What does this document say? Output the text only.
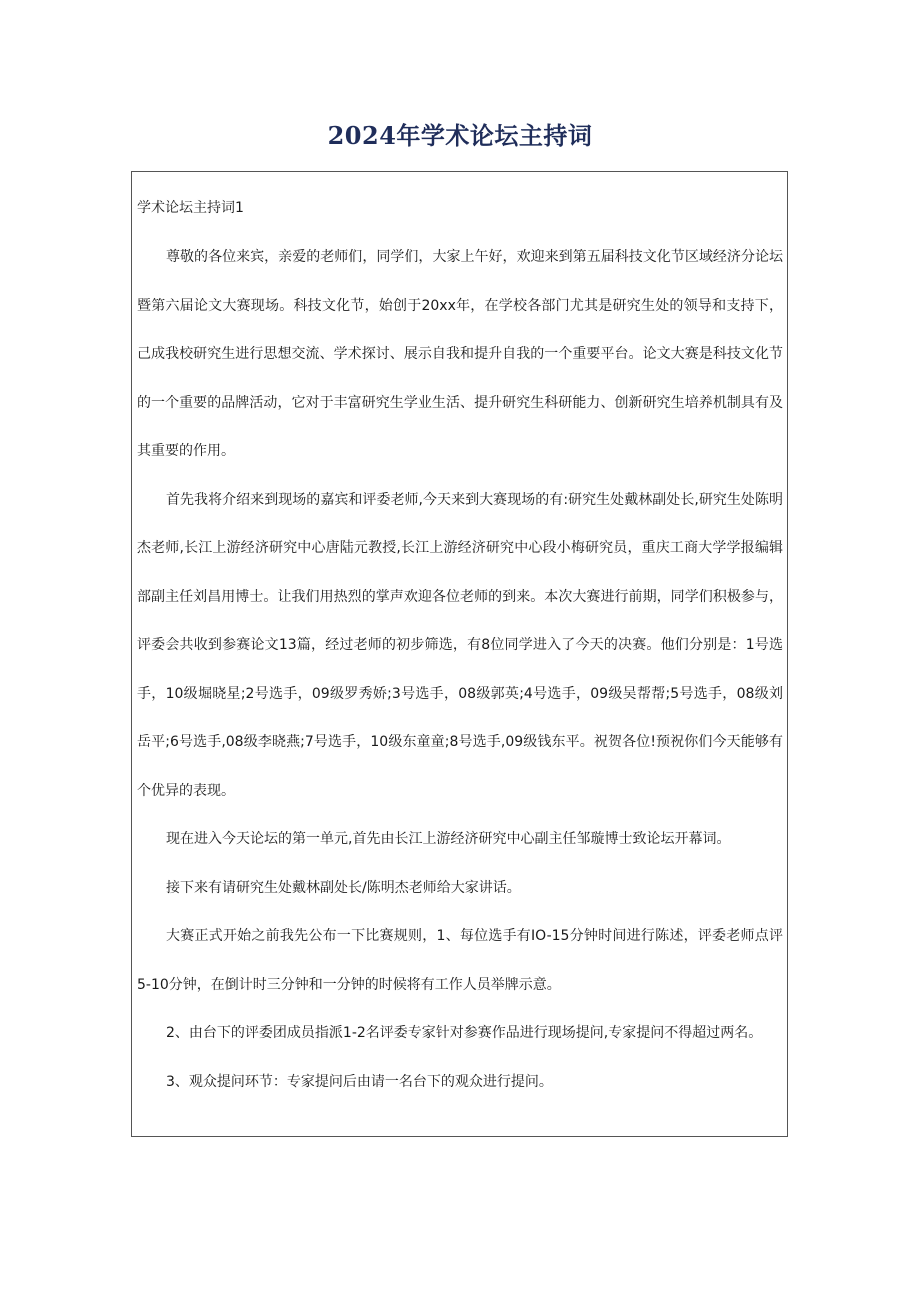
2024年学术论坛主持词

学术论坛主持词1

尊敬的各位来宾，亲爱的老师们，同学们，大家上午好，欢迎来到第五届科技文化节区域经济分论坛暨第六届论文大赛现场。科技文化节，始创于20xx年，在学校各部门尤其是研究生处的领导和支持下，己成我校研究生进行思想交流、学术探讨、展示自我和提升自我的一个重要平台。论文大赛是科技文化节的一个重要的品牌活动，它对于丰富研究生学业生活、提升研究生科研能力、创新研究生培养机制具有及其重要的作用。

首先我将介绍来到现场的嘉宾和评委老师,今天来到大赛现场的有:研究生处戴林副处长,研究生处陈明杰老师,长江上游经济研究中心唐陆元教授,长江上游经济研究中心段小梅研究员，重庆工商大学学报编辑部副主任刘昌用博士。让我们用热烈的掌声欢迎各位老师的到来。本次大赛进行前期，同学们积极参与，评委会共收到参赛论文13篇，经过老师的初步筛选，有8位同学进入了今天的决赛。他们分别是：1号选手，10级堀晓星;2号选手，09级罗秀娇;3号选手，08级郭英;4号选手，09级吴帮帮;5号选手，08级刘岳平;6号选手,08级李晓燕;7号选手，10级东童童;8号选手,09级钱东平。祝贺各位!预祝你们今天能够有个优异的表现。

现在进入今天论坛的第一单元,首先由长江上游经济研究中心副主任邹璇博士致论坛开幕词。

接下来有请研究生处戴林副处长/陈明杰老师给大家讲话。

大赛正式开始之前我先公布一下比赛规则，1、每位选手有IO-15分钟时间进行陈述，评委老师点评5-10分钟，在倒计时三分钟和一分钟的时候将有工作人员举牌示意。

2、由台下的评委团成员指派1-2名评委专家针对参赛作品进行现场提问,专家提问不得超过两名。

3、观众提问环节：专家提问后由请一名台下的观众进行提问。
